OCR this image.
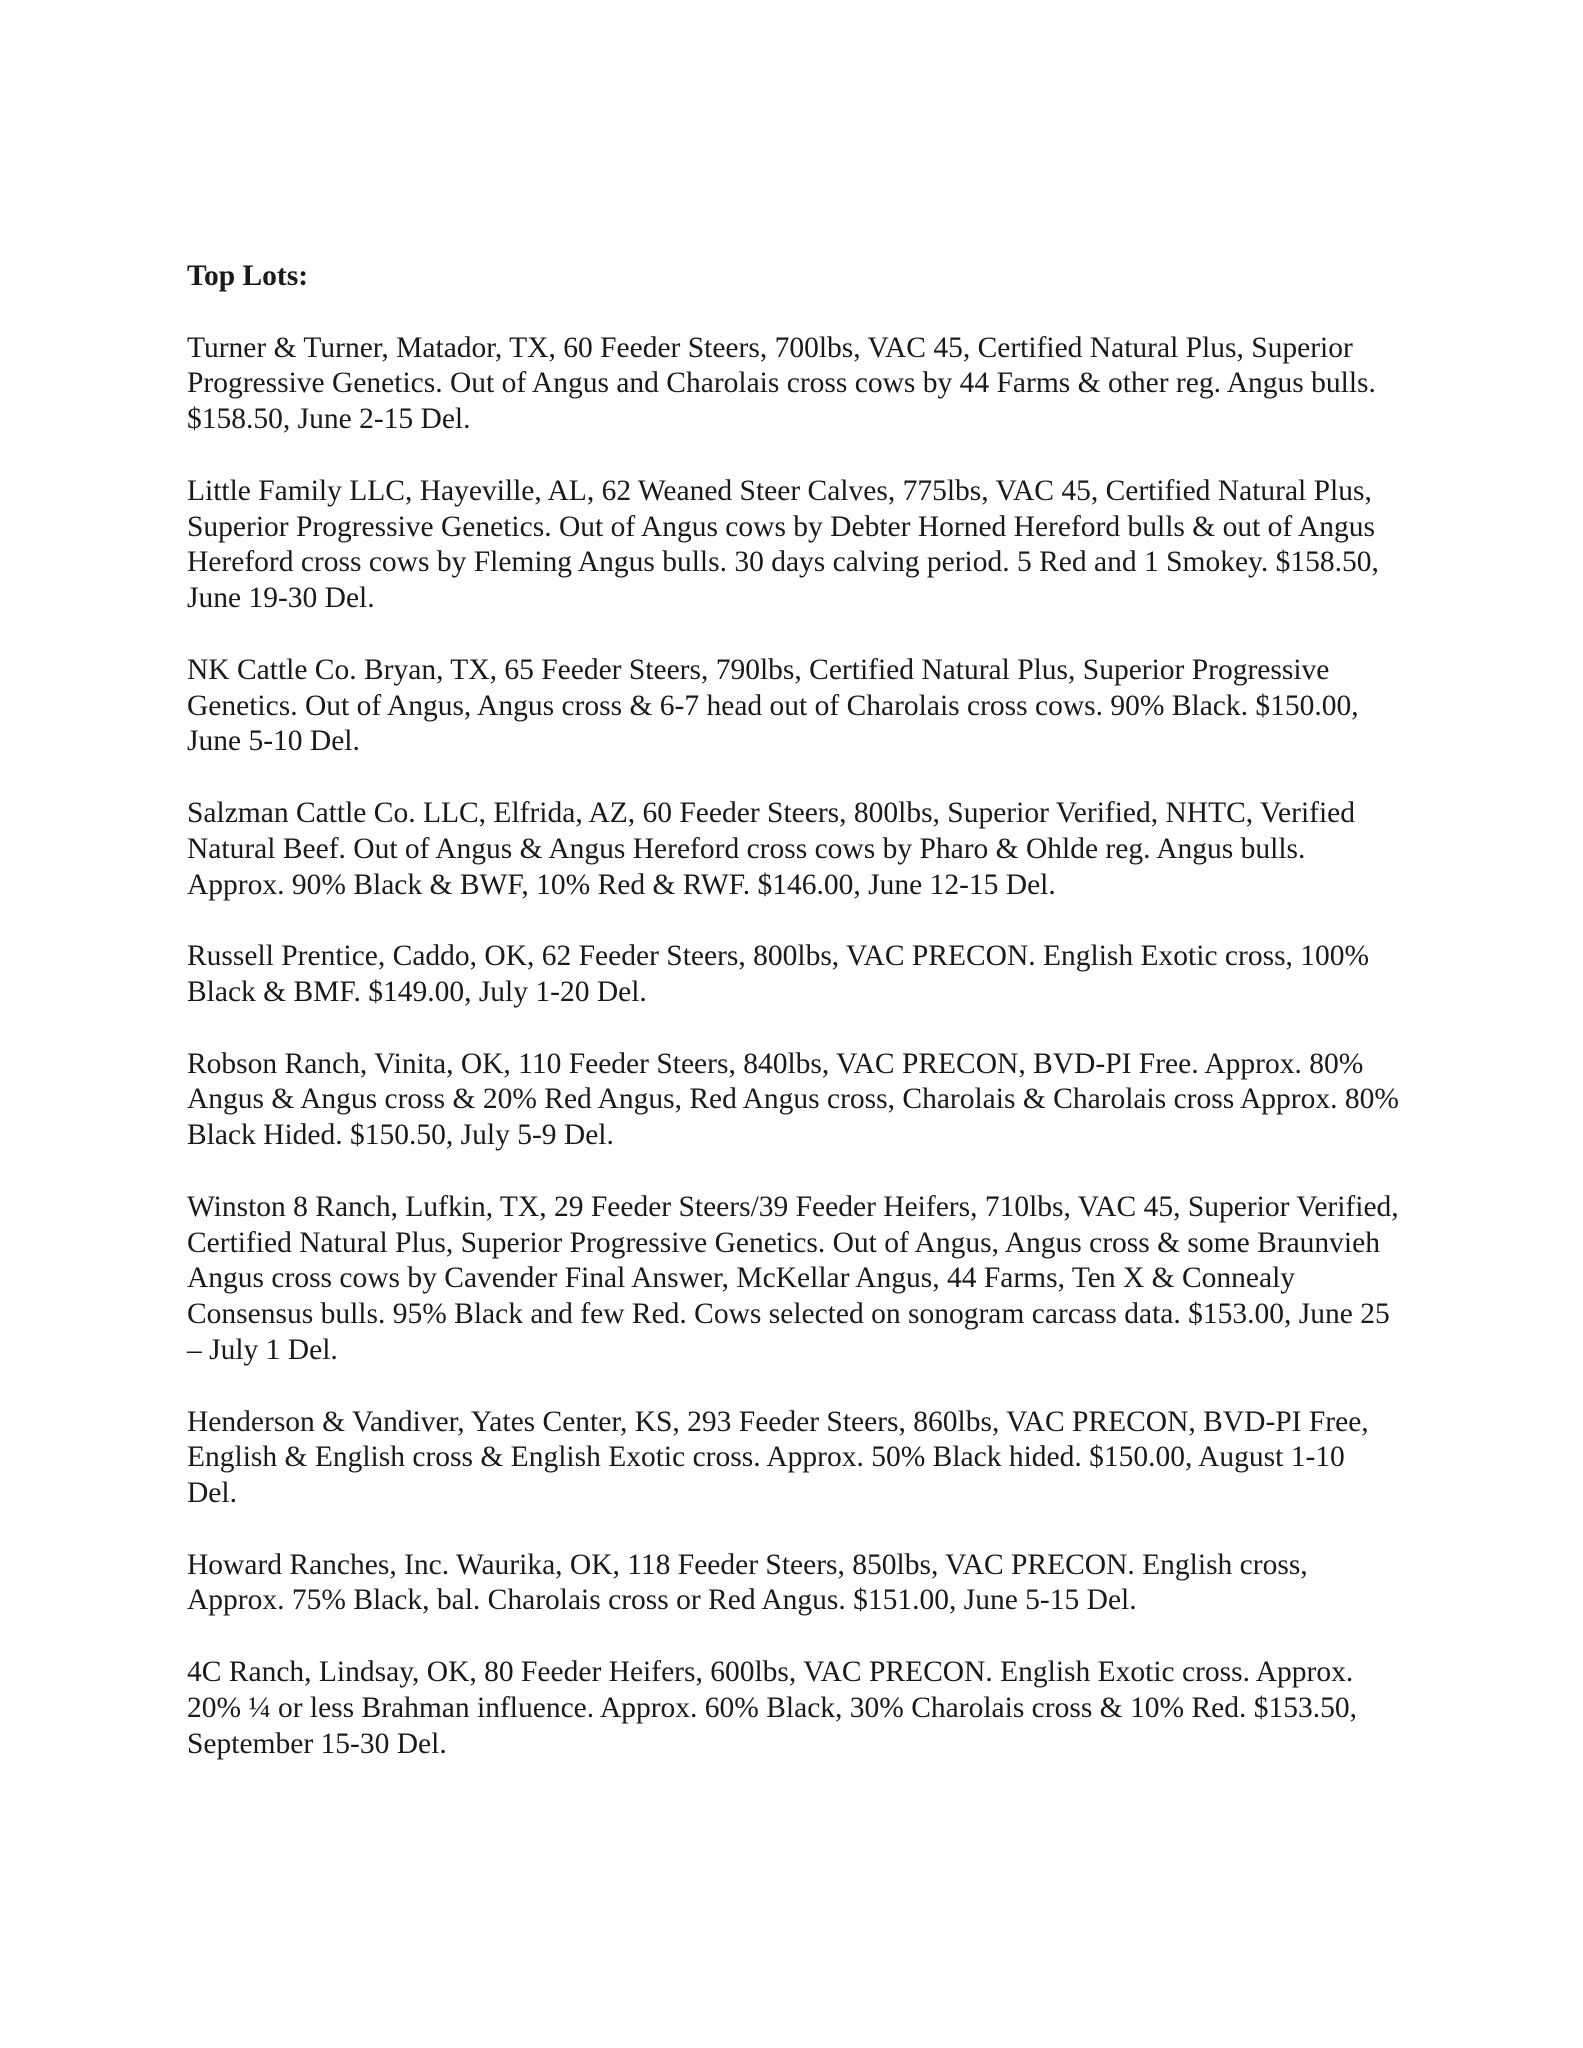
Top Lots:
Turner & Turner, Matador, TX, 60 Feeder Steers, 700lbs, VAC 45, Certified Natural Plus, Superior Progressive Genetics. Out of Angus and Charolais cross cows by 44 Farms & other reg. Angus bulls. $158.50, June 2-15 Del.
Little Family LLC, Hayeville, AL, 62 Weaned Steer Calves, 775lbs, VAC 45, Certified Natural Plus, Superior Progressive Genetics. Out of Angus cows by Debter Horned Hereford bulls & out of Angus Hereford cross cows by Fleming Angus bulls. 30 days calving period. 5 Red and 1 Smokey. $158.50, June 19-30 Del.
NK Cattle Co. Bryan, TX, 65 Feeder Steers, 790lbs, Certified Natural Plus, Superior Progressive Genetics. Out of Angus, Angus cross & 6-7 head out of Charolais cross cows. 90% Black. $150.00, June 5-10 Del.
Salzman Cattle Co. LLC, Elfrida, AZ, 60 Feeder Steers, 800lbs, Superior Verified, NHTC, Verified Natural Beef. Out of Angus & Angus Hereford cross cows by Pharo & Ohlde reg. Angus bulls. Approx. 90% Black & BWF, 10% Red & RWF. $146.00, June 12-15 Del.
Russell Prentice, Caddo, OK, 62 Feeder Steers, 800lbs, VAC PRECON. English Exotic cross, 100% Black & BMF. $149.00, July 1-20 Del.
Robson Ranch, Vinita, OK, 110 Feeder Steers, 840lbs, VAC PRECON, BVD-PI Free. Approx. 80% Angus & Angus cross & 20% Red Angus, Red Angus cross, Charolais & Charolais cross Approx. 80% Black Hided. $150.50, July 5-9 Del.
Winston 8 Ranch, Lufkin, TX, 29 Feeder Steers/39 Feeder Heifers, 710lbs, VAC 45, Superior Verified, Certified Natural Plus, Superior Progressive Genetics. Out of Angus, Angus cross & some Braunvieh Angus cross cows by Cavender Final Answer, McKellar Angus, 44 Farms, Ten X & Connealy Consensus bulls. 95% Black and few Red. Cows selected on sonogram carcass data. $153.00, June 25 – July 1 Del.
Henderson & Vandiver, Yates Center, KS, 293 Feeder Steers, 860lbs, VAC PRECON, BVD-PI Free, English & English cross & English Exotic cross. Approx. 50% Black hided. $150.00, August 1-10 Del.
Howard Ranches, Inc. Waurika, OK, 118 Feeder Steers, 850lbs, VAC PRECON. English cross, Approx. 75% Black, bal. Charolais cross or Red Angus. $151.00, June 5-15 Del.
4C Ranch, Lindsay, OK, 80 Feeder Heifers, 600lbs, VAC PRECON. English Exotic cross. Approx. 20% ¼ or less Brahman influence. Approx. 60% Black, 30% Charolais cross & 10% Red. $153.50, September 15-30 Del.
